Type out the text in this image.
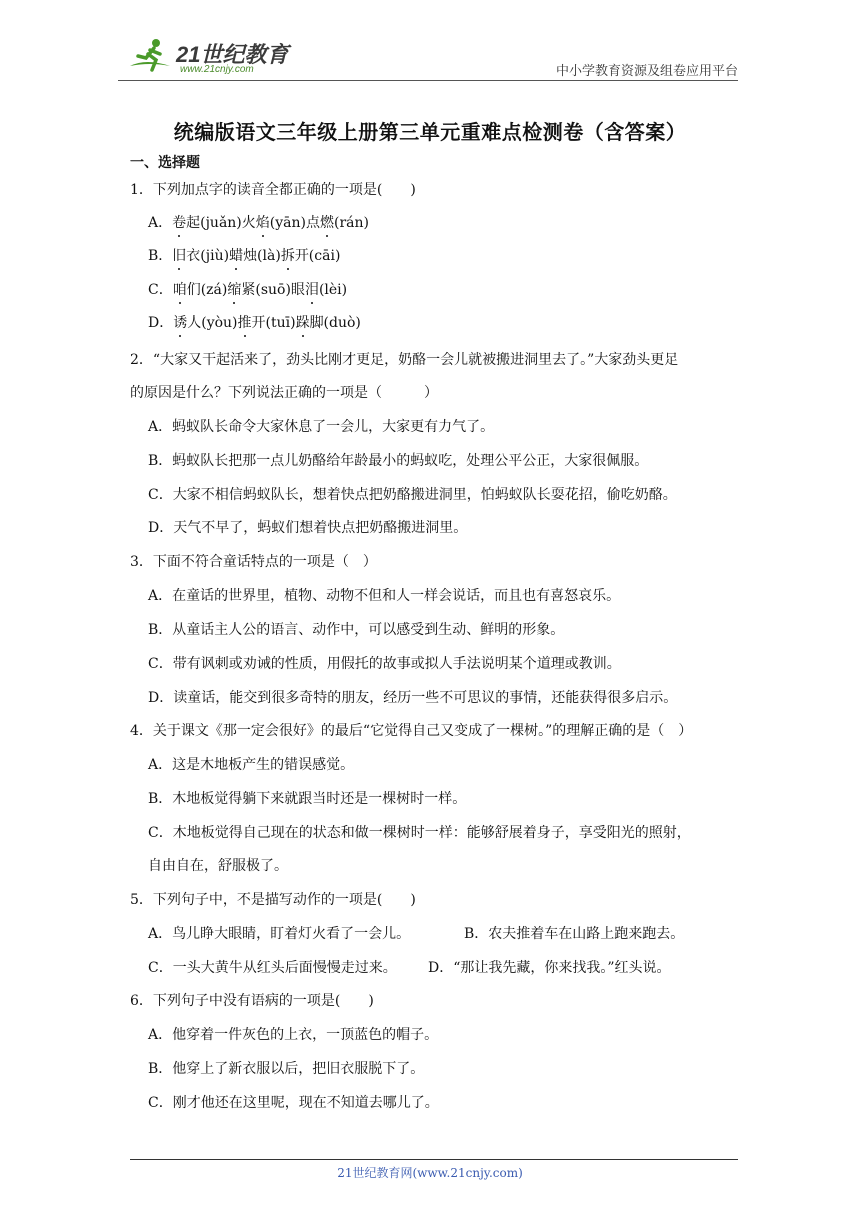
21世纪教育
www.21cnjy.com	中小学教育资源及组卷应用平台
统编版语文三年级上册第三单元重难点检测卷（含答案）
一、选择题
1．下列加点字的读音全都正确的一项是(　　)
A．卷起(juǎn)火焰(yān)点燃(rán)
B．旧衣(jiù)蜡烛(là)拆开(cāi)
C．咱们(zá)缩紧(suō)眼泪(lèi)
D．诱人(yòu)推开(tuī)跺脚(duò)
2．“大家又干起活来了，劲头比刚才更足，奶酪一会儿就被搬进洞里去了。”大家劲头更足
的原因是什么？下列说法正确的一项是（　　　）
A．蚂蚁队长命令大家休息了一会儿，大家更有力气了。
B．蚂蚁队长把那一点儿奶酪给年龄最小的蚂蚁吃，处理公平公正，大家很佩服。
C．大家不相信蚂蚁队长，想着快点把奶酪搬进洞里，怕蚂蚁队长耍花招，偷吃奶酪。
D．天气不早了，蚂蚁们想着快点把奶酪搬进洞里。
3．下面不符合童话特点的一项是（　）
A．在童话的世界里，植物、动物不但和人一样会说话，而且也有喜怒哀乐。
B．从童话主人公的语言、动作中，可以感受到生动、鲜明的形象。
C．带有讽刺或劝诫的性质，用假托的故事或拟人手法说明某个道理或教训。
D．读童话，能交到很多奇特的朋友，经历一些不可思议的事情，还能获得很多启示。
4．关于课文《那一定会很好》的最后“它觉得自己又变成了一棵树。”的理解正确的是（　）
A．这是木地板产生的错误感觉。
B．木地板觉得躺下来就跟当时还是一棵树时一样。
C．木地板觉得自己现在的状态和做一棵树时一样：能够舒展着身子，享受阳光的照射，
自由自在，舒服极了。
5．下列句子中，不是描写动作的一项是(　　)
A．鸟儿睁大眼睛，盯着灯火看了一会儿。	B．农夫推着车在山路上跑来跑去。
C．一头大黄牛从红头后面慢慢走过来。 D．“那让我先藏，你来找我。”红头说。
6．下列句子中没有语病的一项是(　　)
A．他穿着一件灰色的上衣，一顶蓝色的帽子。
B．他穿上了新衣服以后，把旧衣服脱下了。
C．刚才他还在这里呢，现在不知道去哪儿了。
21世纪教育网(www.21cnjy.com)
